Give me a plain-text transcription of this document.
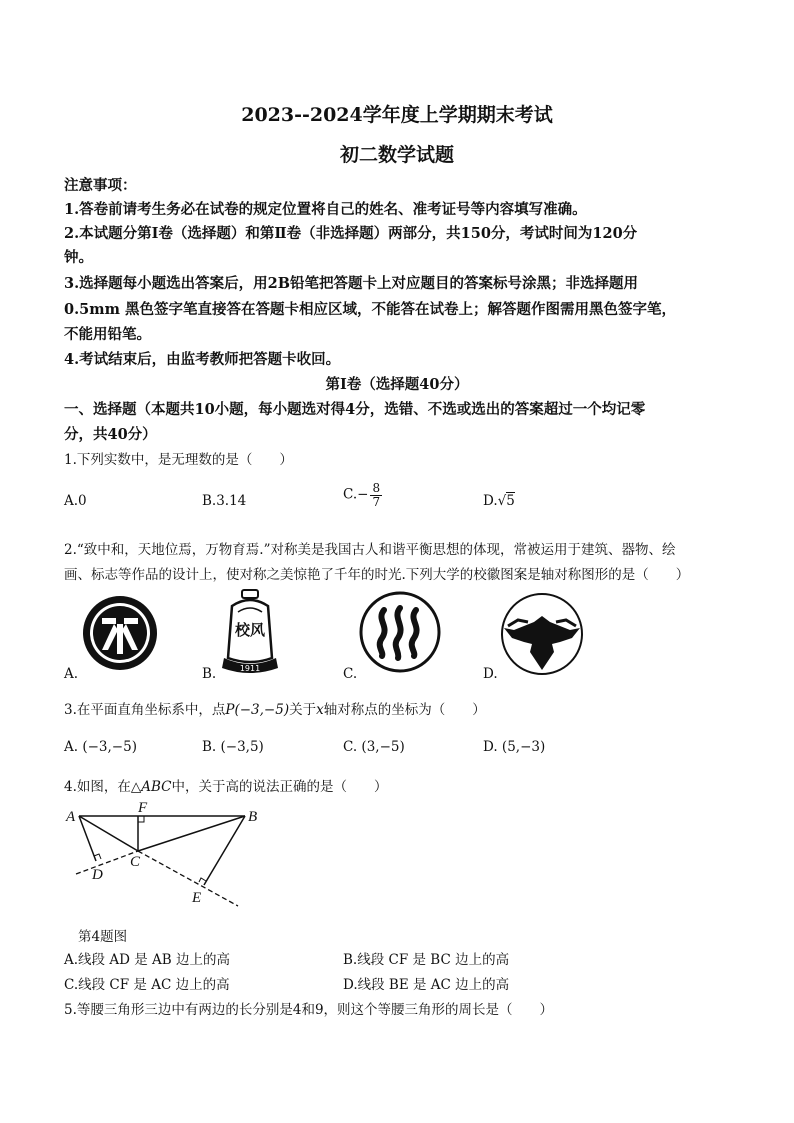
2023--2024学年度上学期期末考试
初二数学试题
注意事项：
1.答卷前请考生务必在试卷的规定位置将自己的姓名、准考证号等内容填写准确。
2.本试题分第Ⅰ卷（选择题）和第Ⅱ卷（非选择题）两部分，共150分，考试时间为120分
钟。
3.选择题每小题选出答案后，用2B铅笔把答题卡上对应题目的答案标号涂黑；非选择题用
0.5mm 黑色签字笔直接答在答题卡相应区域，不能答在试卷上；解答题作图需用黑色签字笔，
不能用铅笔。
4.考试结束后，由监考教师把答题卡收回。
第Ⅰ卷（选择题40分）
一、选择题（本题共10小题，每小题选对得4分，选错、不选或选出的答案超过一个均记零
分，共40分）
1.下列实数中，是无理数的是（　　）
A.0	B.3.14	$C.- \frac{8}{7}$	D.√5
2.“致中和，天地位焉，万物育焉.”对称美是我国古人和谐平衡思想的体现，常被运用于建筑、器物、绘
画、标志等作品的设计上，使对称之美惊艳了千年的时光.下列大学的校徽图案是轴对称图形的是（　　）
A.
校风
1911
B.	C.	D.
3.在平面直角坐标系中，点P(−3,−5)关于x轴对称点的坐标为（　　）
A. (−3,−5)	B. (−3,5)	C. (3,−5)	D. (5,−3)
4.如图，在△ABC中，关于高的说法正确的是（　　）
A	B
C
D
E
F
第4题图
A.线段 AD 是 AB 边上的高	B.线段 CF 是 BC 边上的高
C.线段 CF 是 AC 边上的高	D.线段 BE 是 AC 边上的高
5.等腰三角形三边中有两边的长分别是4和9，则这个等腰三角形的周长是（　　）
